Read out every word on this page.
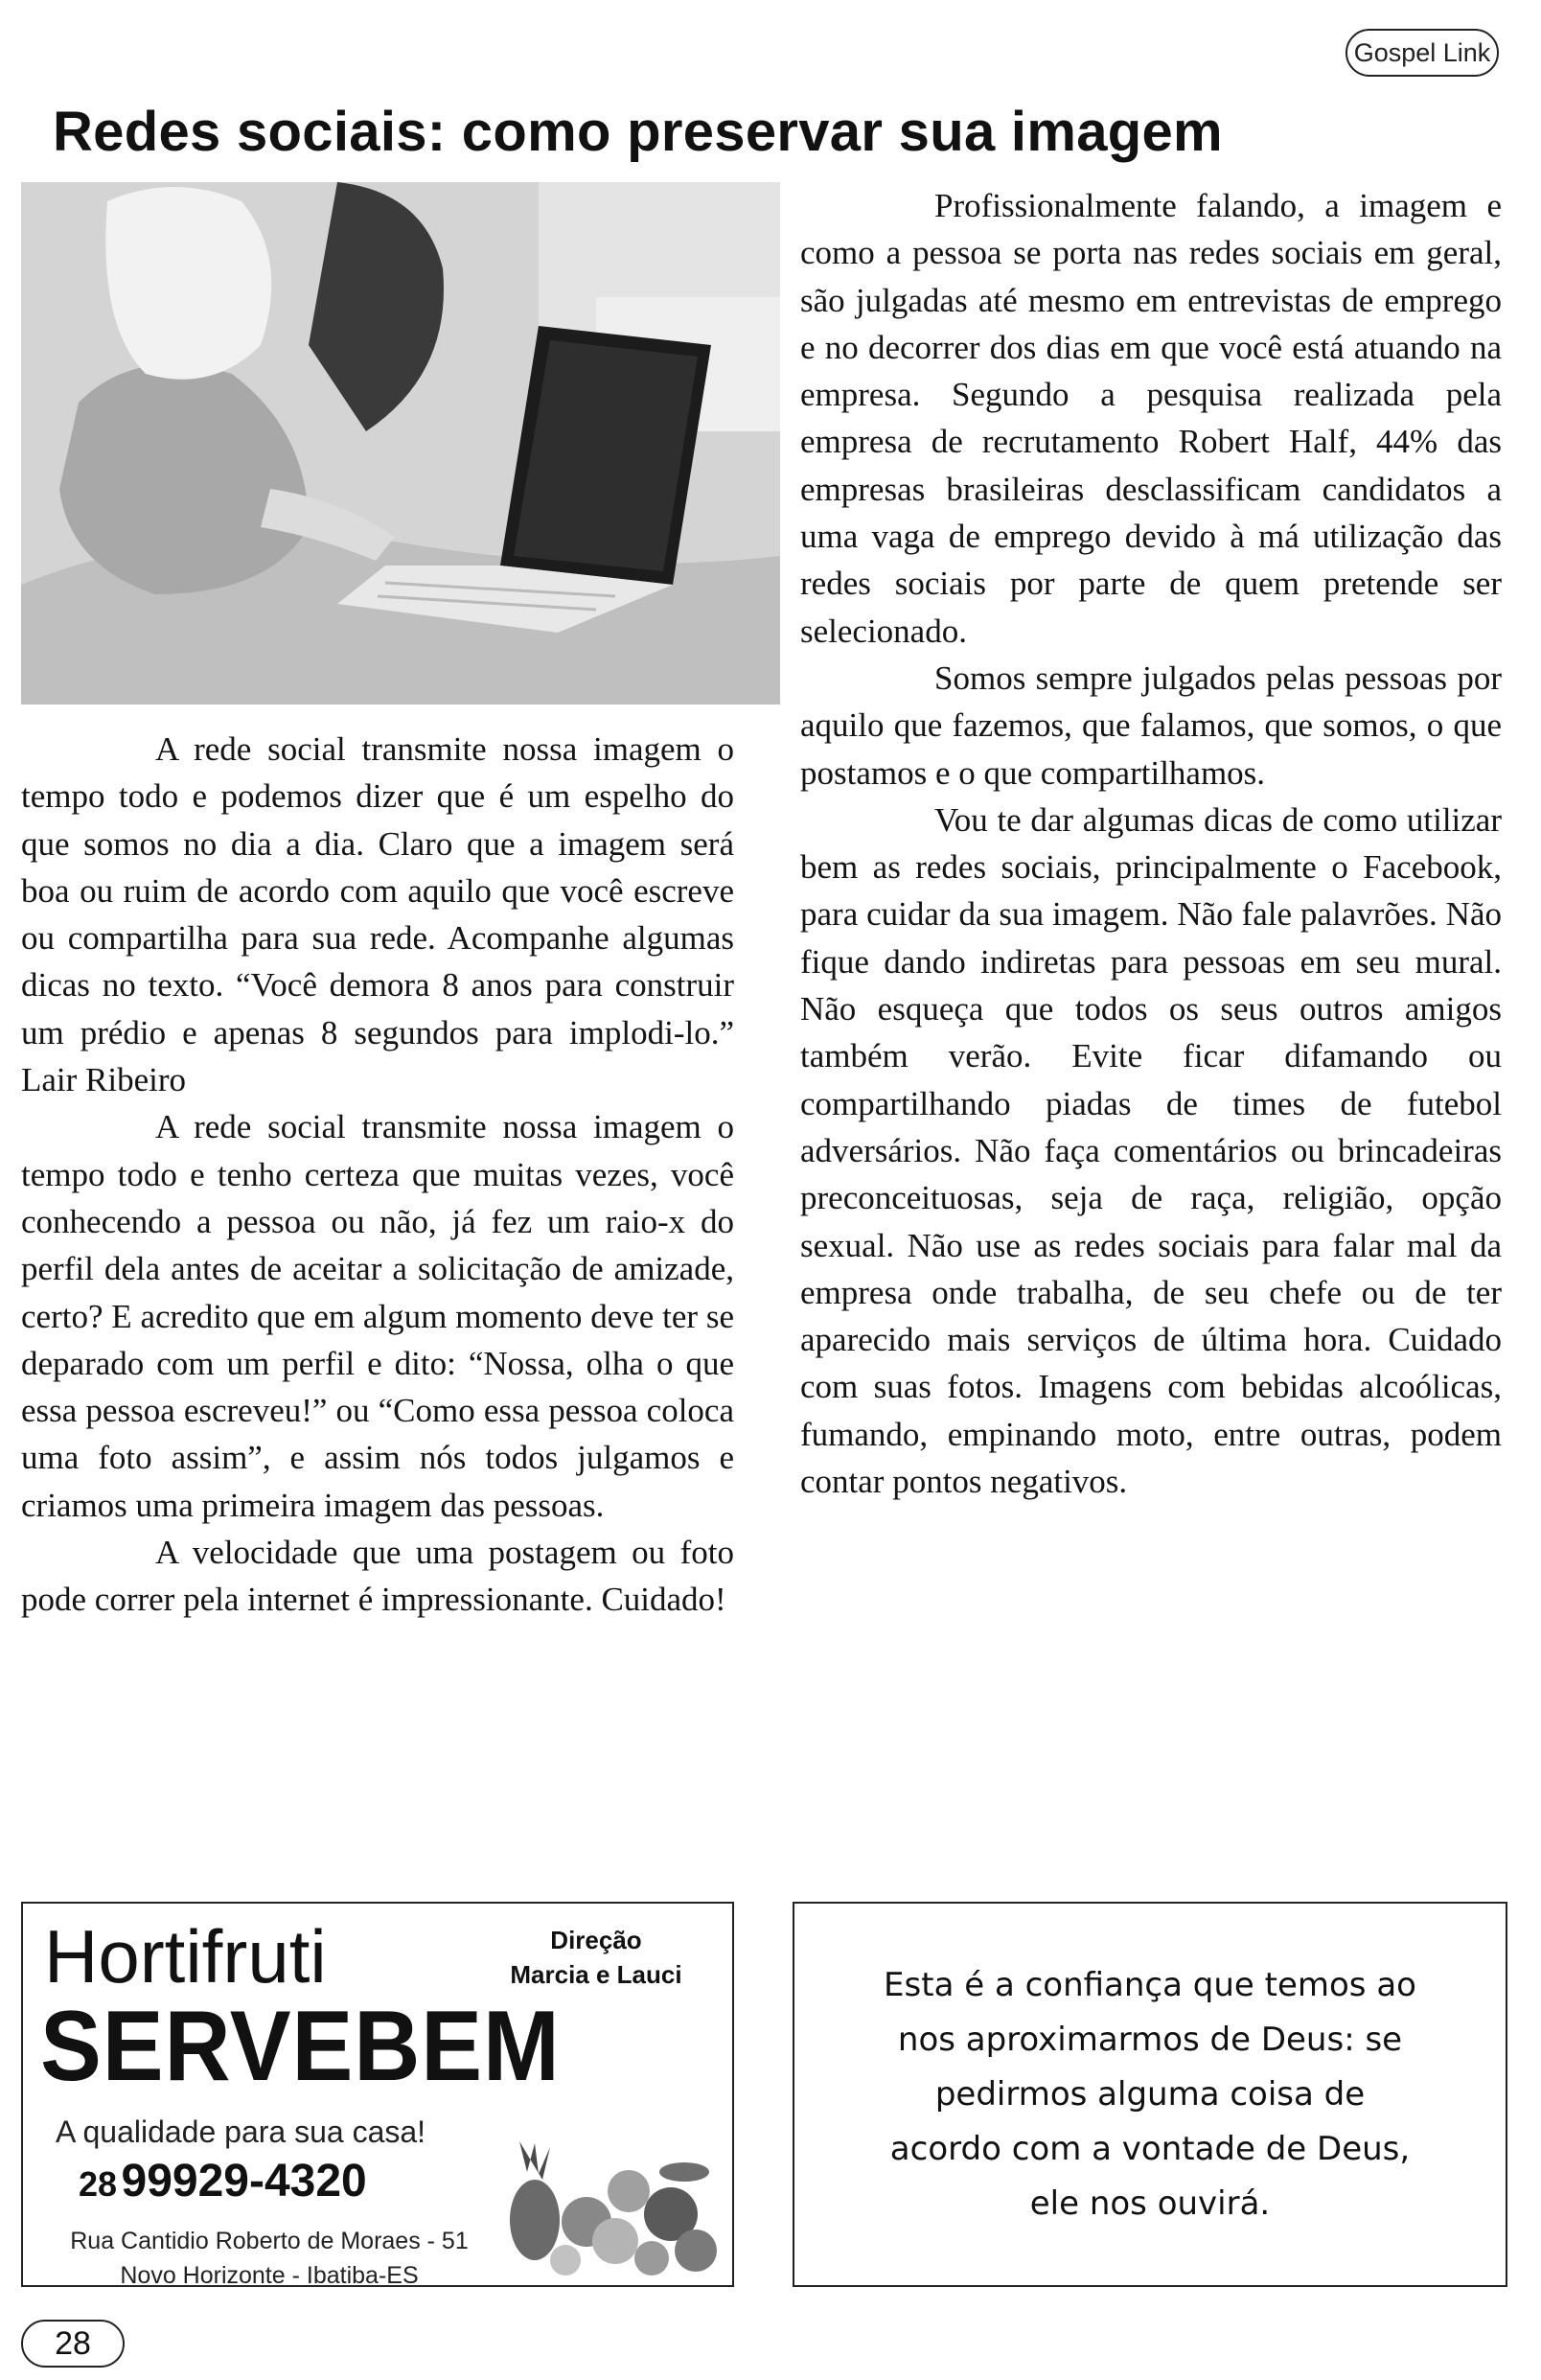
Gospel Link
Redes sociais: como preservar sua imagem

Profissionalmente falando, a imagem e como a pessoa se porta nas redes sociais em geral, são julgadas até mesmo em entrevistas de emprego e no decorrer dos dias em que você está atuando na empresa. Segundo a pesquisa realizada pela empresa de recrutamento Robert Half, 44% das empresas brasileiras desclassificam candidatos a uma vaga de emprego devido à má utilização das redes sociais por parte de quem pretende ser selecionado.

Somos sempre julgados pelas pessoas por aquilo que fazemos, que falamos, que somos, o que postamos e o que compartilhamos.

Vou te dar algumas dicas de como utilizar bem as redes sociais, principalmente o Facebook, para cuidar da sua imagem. Não fale palavrões. Não fique dando indiretas para pessoas em seu mural. Não esqueça que todos os seus outros amigos também verão. Evite ficar difamando ou compartilhando piadas de times de futebol adversários. Não faça comentários ou brincadeiras preconceituosas, seja de raça, religião, opção sexual. Não use as redes sociais para falar mal da empresa onde trabalha, de seu chefe ou de ter aparecido mais serviços de última hora. Cuidado com suas fotos. Imagens com bebidas alcoólicas, fumando, empinando moto, entre outras, podem contar pontos negativos.

A rede social transmite nossa imagem o tempo todo e podemos dizer que é um espelho do que somos no dia a dia. Claro que a imagem será boa ou ruim de acordo com aquilo que você escreve ou compartilha para sua rede. Acompanhe algumas dicas no texto. “Você demora 8 anos para construir um prédio e apenas 8 segundos para implodi-lo.” Lair Ribeiro

A rede social transmite nossa imagem o tempo todo e tenho certeza que muitas vezes, você conhecendo a pessoa ou não, já fez um raio-x do perfil dela antes de aceitar a solicitação de amizade, certo? E acredito que em algum momento deve ter se deparado com um perfil e dito: “Nossa, olha o que essa pessoa escreveu!” ou “Como essa pessoa coloca uma foto assim”, e assim nós todos julgamos e criamos uma primeira imagem das pessoas.

A velocidade que uma postagem ou foto pode correr pela internet é impressionante. Cuidado!

Hortifruti
SERVEBEM
Direção
Marcia e Lauci
A qualidade para sua casa!
28 99929-4320
Rua Cantidio Roberto de Moraes - 51
Novo Horizonte - Ibatiba-ES
Esta é a confiança que temos ao
nos aproximarmos de Deus: se
pedirmos alguma coisa de
acordo com a vontade de Deus,
ele nos ouvirá.
28
